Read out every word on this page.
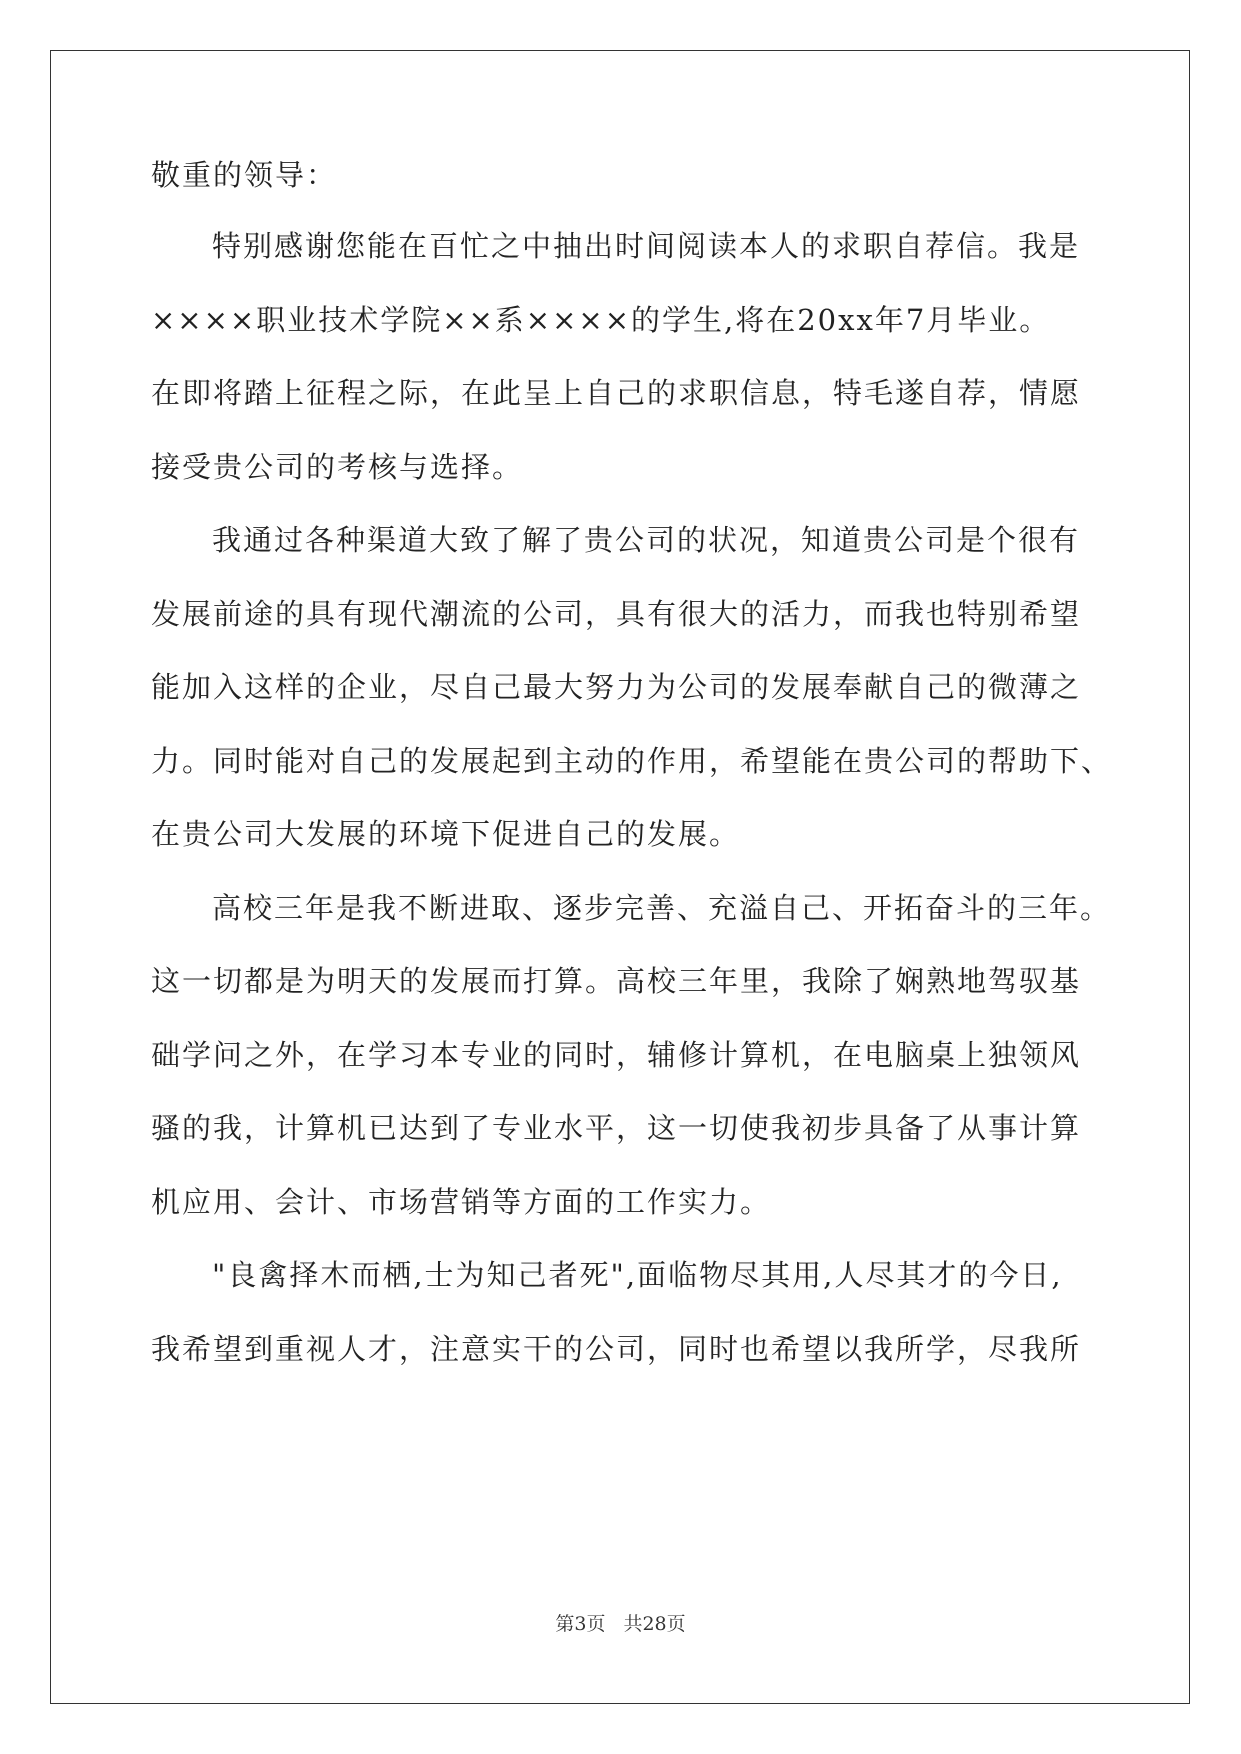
敬重的领导：
特别感谢您能在百忙之中抽出时间阅读本人的求职自荐信。我是
××××职业技术学院××系××××的学生,将在20xx年7月毕业。
在即将踏上征程之际，在此呈上自己的求职信息，特毛遂自荐，情愿
接受贵公司的考核与选择。
我通过各种渠道大致了解了贵公司的状况，知道贵公司是个很有
发展前途的具有现代潮流的公司，具有很大的活力，而我也特别希望
能加入这样的企业，尽自己最大努力为公司的发展奉献自己的微薄之
力。同时能对自己的发展起到主动的作用，希望能在贵公司的帮助下、
在贵公司大发展的环境下促进自己的发展。
高校三年是我不断进取、逐步完善、充溢自己、开拓奋斗的三年。
这一切都是为明天的发展而打算。高校三年里，我除了娴熟地驾驭基
础学问之外，在学习本专业的同时，辅修计算机，在电脑桌上独领风
骚的我，计算机已达到了专业水平，这一切使我初步具备了从事计算
机应用、会计、市场营销等方面的工作实力。
"良禽择木而栖,士为知己者死",面临物尽其用,人尽其才的今日,
我希望到重视人才，注意实干的公司，同时也希望以我所学，尽我所
第3页 共28页
